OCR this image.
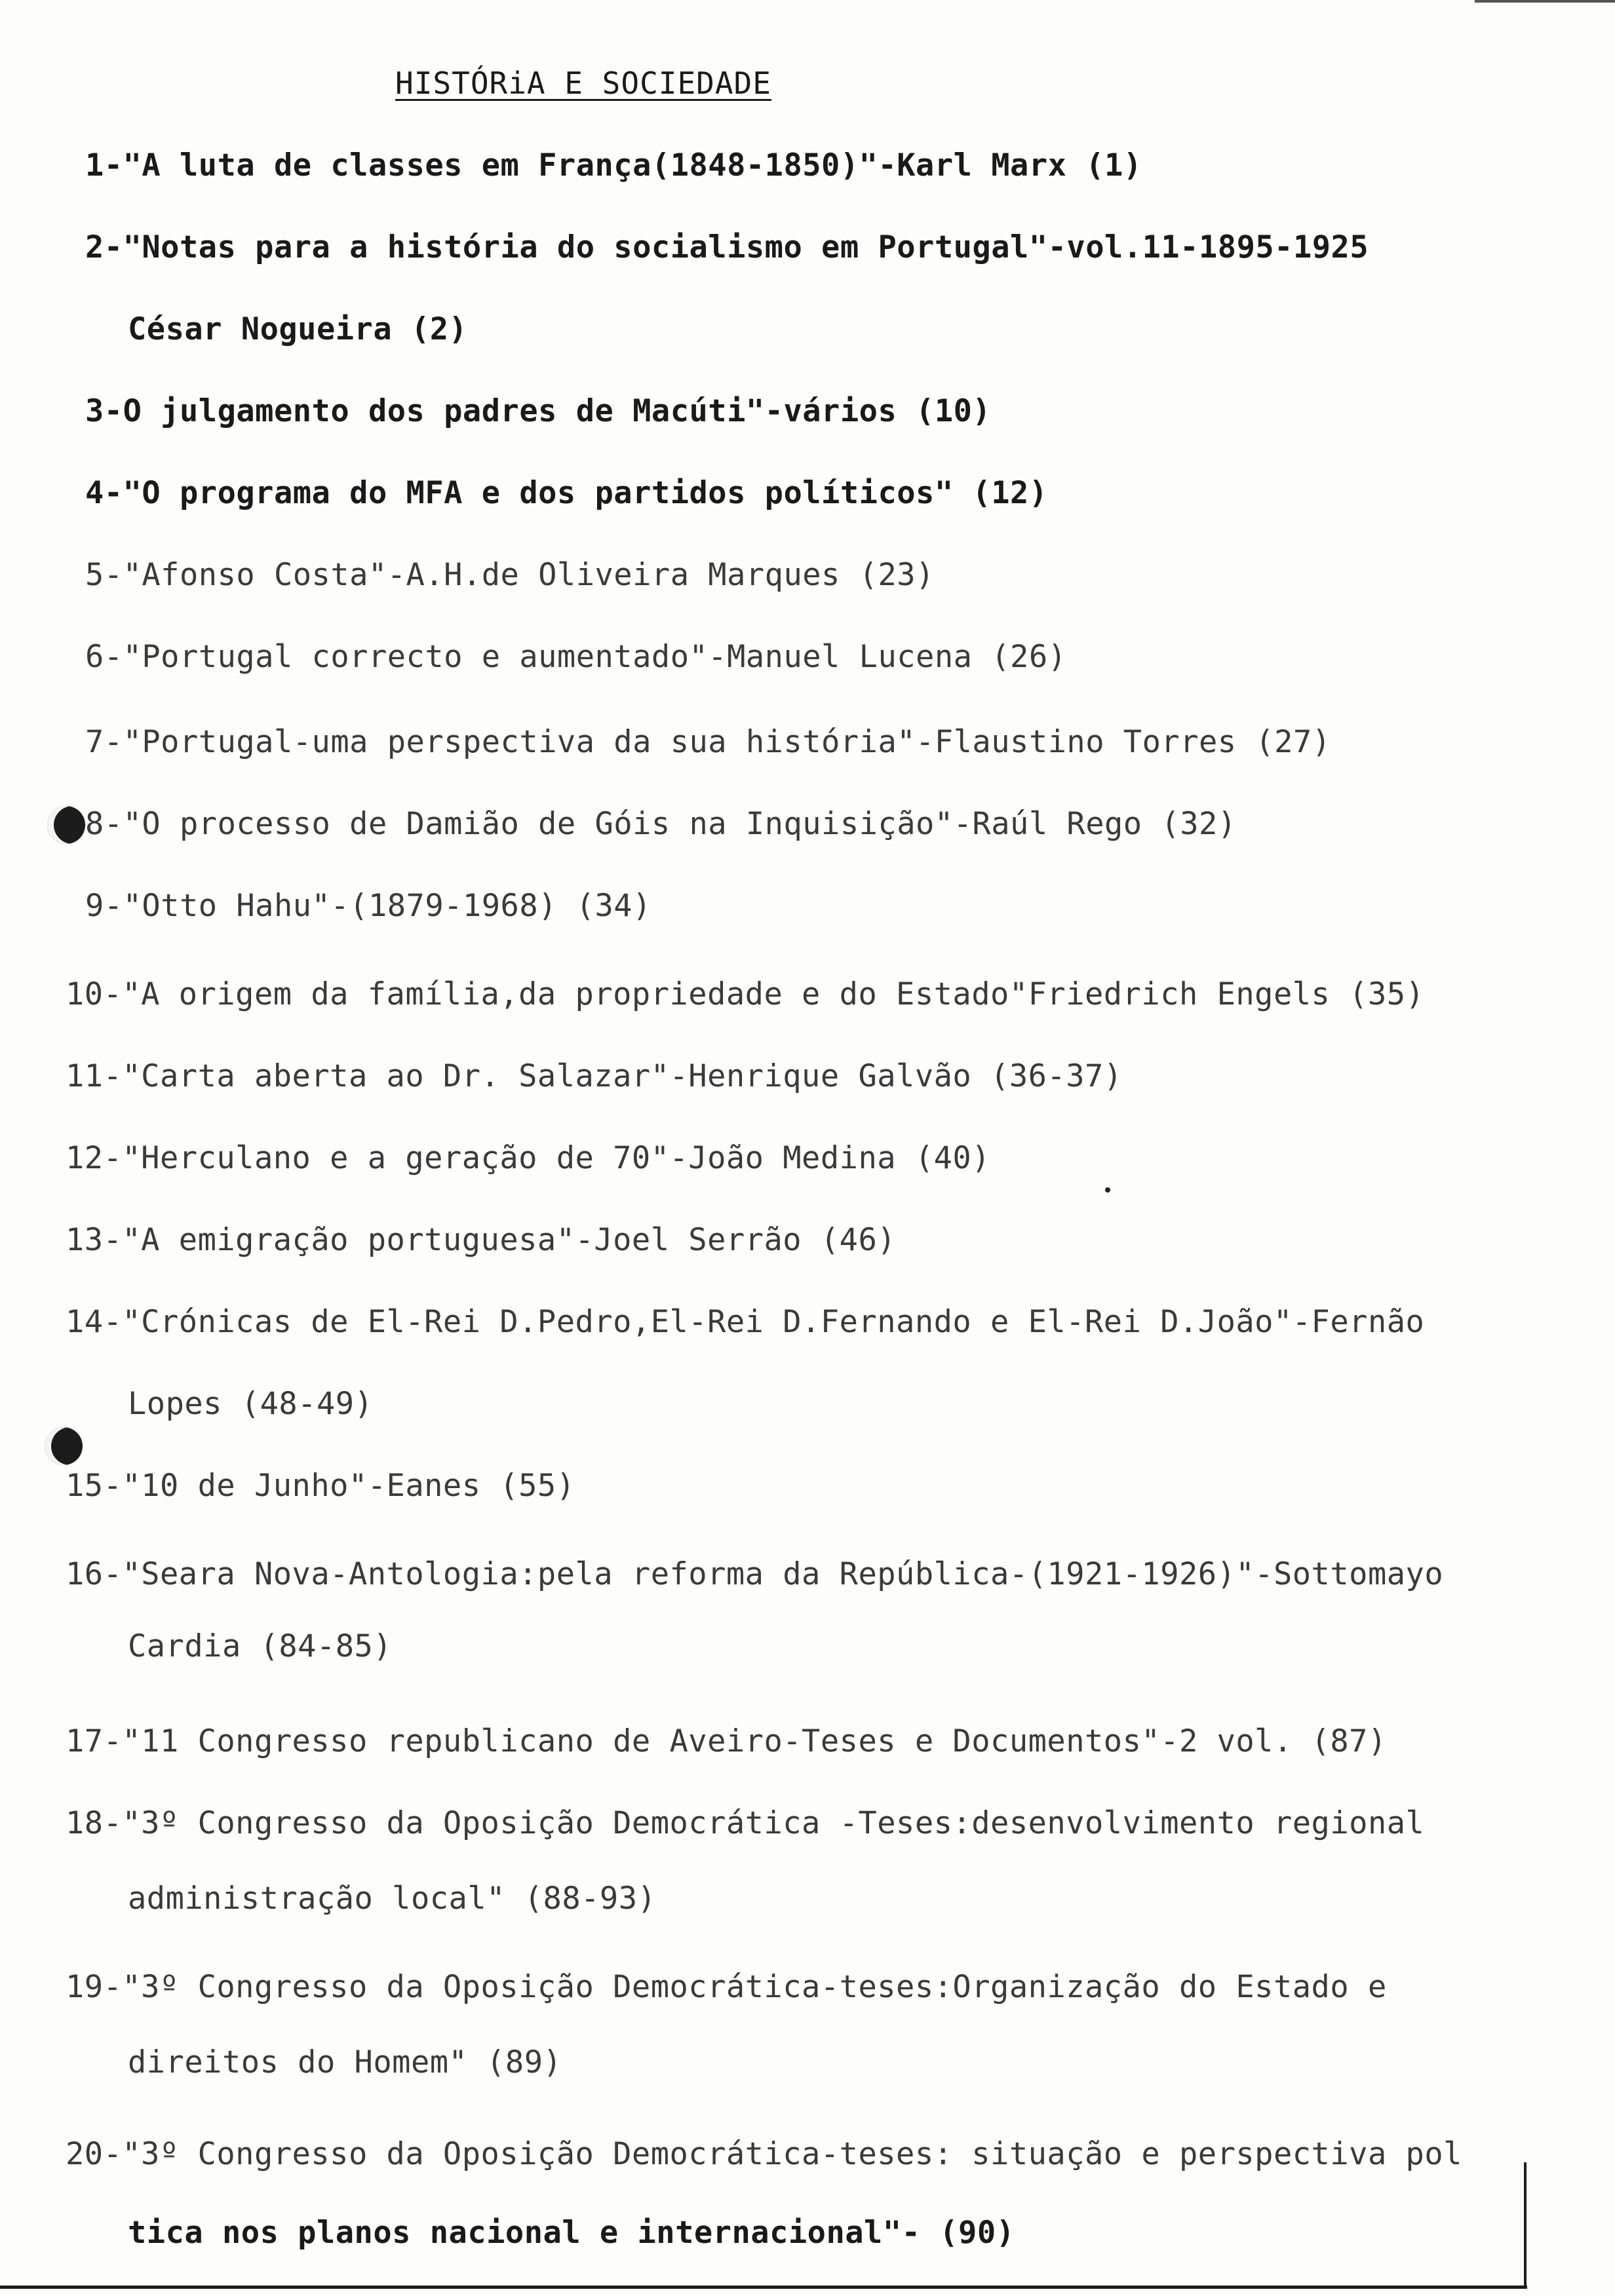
HISTÓRiA E SOCIEDADE
1-"A luta de classes em França(1848-1850)"-Karl Marx (1)
2-"Notas para a história do socialismo em Portugal"-vol.11-1895-1925
César Nogueira (2)
3-O julgamento dos padres de Macúti"-vários (10)
4-"O programa do MFA e dos partidos políticos" (12)
5-"Afonso Costa"-A.H.de Oliveira Marques (23)
6-"Portugal correcto e aumentado"-Manuel Lucena (26)
7-"Portugal-uma perspectiva da sua história"-Flaustino Torres (27)
8-"O processo de Damião de Góis na Inquisição"-Raúl Rego (32)
9-"Otto Hahu"-(1879-1968) (34)
10-"A origem da família,da propriedade e do Estado"Friedrich Engels (35)
11-"Carta aberta ao Dr. Salazar"-Henrique Galvão (36-37)
12-"Herculano e a geração de 70"-João Medina (40)
13-"A emigração portuguesa"-Joel Serrão (46)
14-"Crónicas de El-Rei D.Pedro,El-Rei D.Fernando e El-Rei D.João"-Fernão
Lopes (48-49)
15-"10 de Junho"-Eanes (55)
16-"Seara Nova-Antologia:pela reforma da República-(1921-1926)"-Sottomayo
Cardia (84-85)
17-"11 Congresso republicano de Aveiro-Teses e Documentos"-2 vol. (87)
18-"3º Congresso da Oposição Democrática -Teses:desenvolvimento regional
administração local" (88-93)
19-"3º Congresso da Oposição Democrática-teses:Organização do Estado e
direitos do Homem" (89)
20-"3º Congresso da Oposição Democrática-teses: situação e perspectiva pol
tica nos planos nacional e internacional"- (90)
